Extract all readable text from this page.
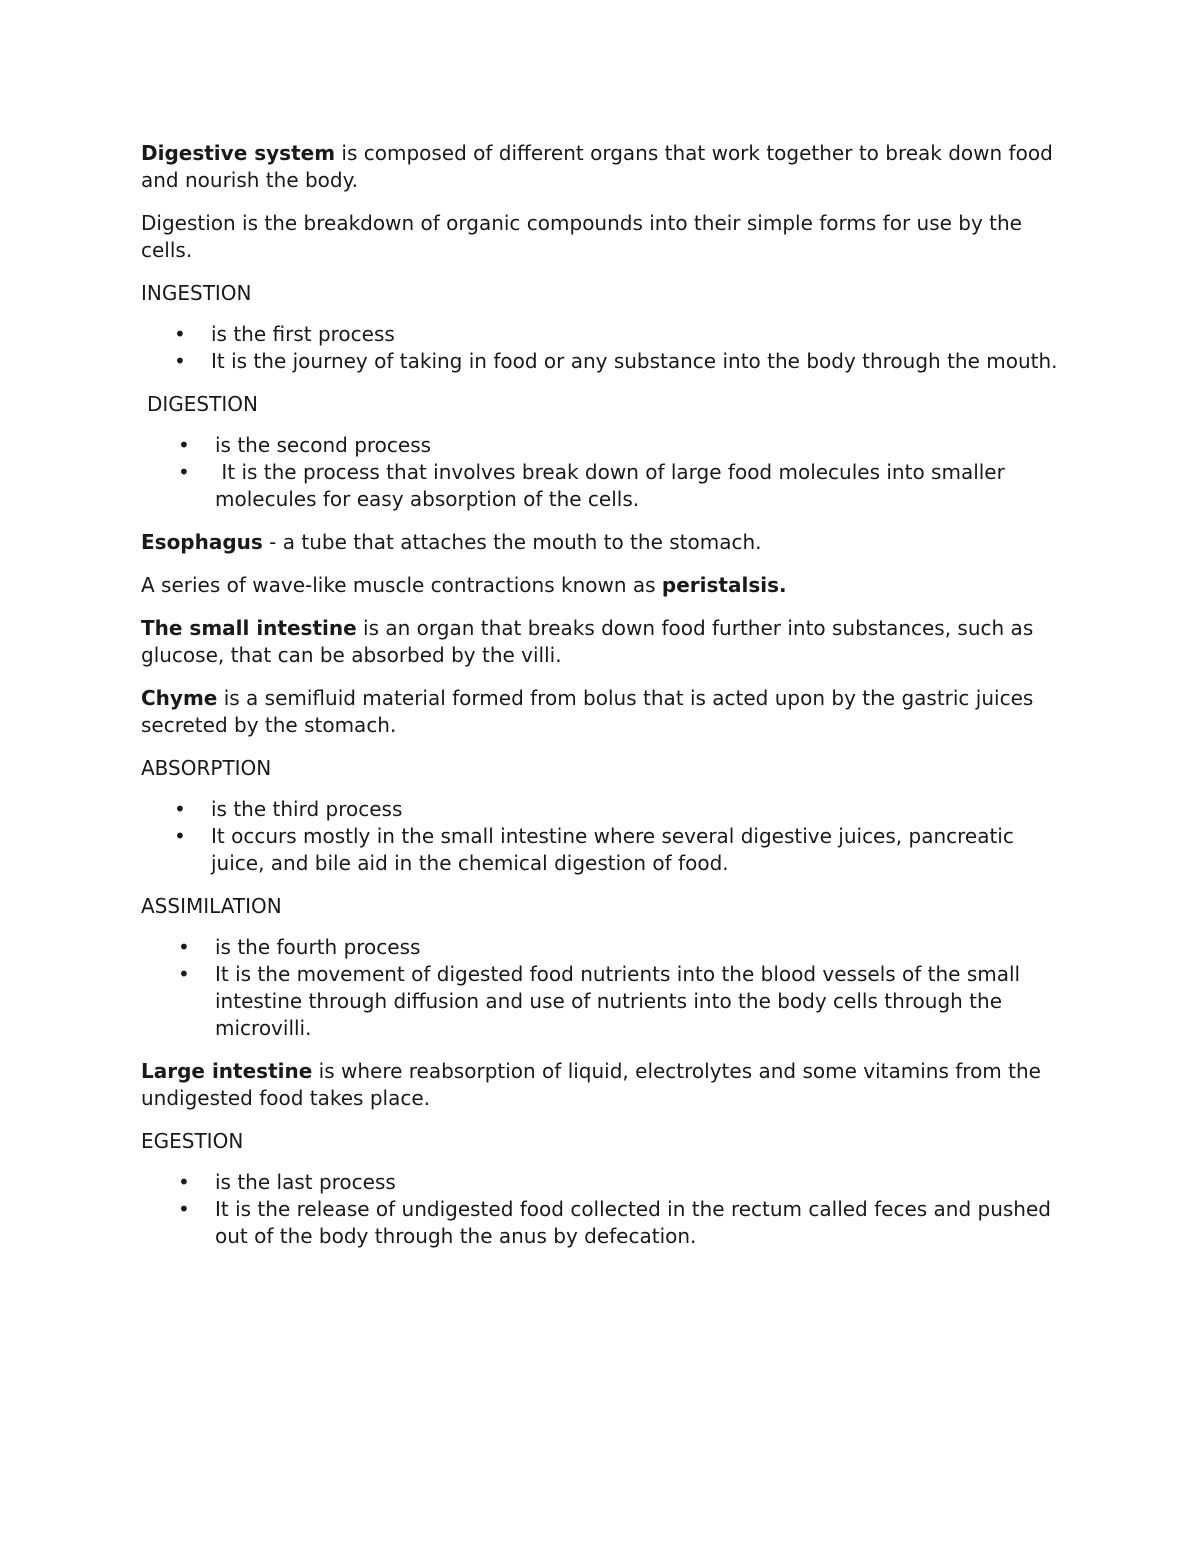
Digestive system is composed of different organs that work together to break down food and nourish the body.

Digestion is the breakdown of organic compounds into their simple forms for use by the cells.

INGESTION
• is the first process
• It is the journey of taking in food or any substance into the body through the mouth.
DIGESTION
• is the second process
• It is the process that involves break down of large food molecules into smaller molecules for easy absorption of the cells.

Esophagus - a tube that attaches the mouth to the stomach.

A series of wave-like muscle contractions known as peristalsis.

The small intestine is an organ that breaks down food further into substances, such as glucose, that can be absorbed by the villi.

Chyme is a semifluid material formed from bolus that is acted upon by the gastric juices secreted by the stomach.

ABSORPTION
• is the third process
• It occurs mostly in the small intestine where several digestive juices, pancreatic juice, and bile aid in the chemical digestion of food.
ASSIMILATION
• is the fourth process
• It is the movement of digested food nutrients into the blood vessels of the small intestine through diffusion and use of nutrients into the body cells through the microvilli.

Large intestine is where reabsorption of liquid, electrolytes and some vitamins from the undigested food takes place.

EGESTION
• is the last process
• It is the release of undigested food collected in the rectum called feces and pushed out of the body through the anus by defecation.
